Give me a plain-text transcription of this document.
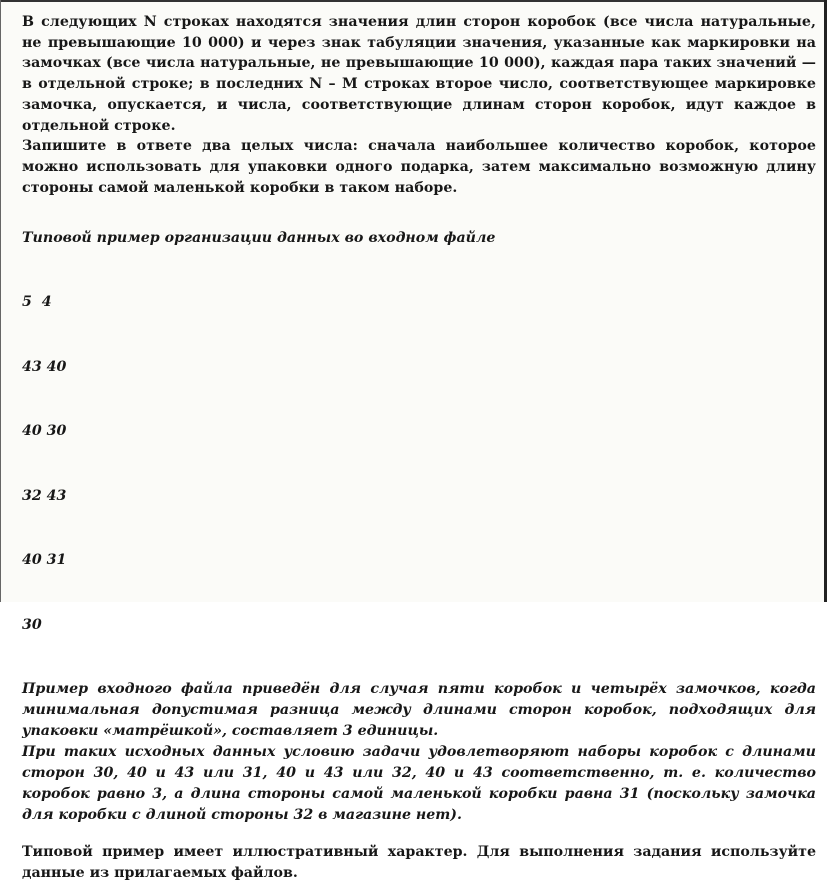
В следующих N строках находятся значения длин сторон коробок (все числа натуральные, не превышающие 10 000) и через знак табуляции значения, указанные как маркировки на замочках (все числа натуральные, не превышающие 10 000), каждая пара таких значений — в отдельной строке; в последних N – M строках второе число, соответствующее маркировке замочка, опускается, и числа, соответствующие длинам сторон коробок, идут каждое в отдельной строке.

Запишите в ответе два целых числа: сначала наибольшее количество коробок, которое можно использовать для упаковки одного подарка, затем максимально возможную длину стороны самой маленькой коробки в таком наборе.

Типовой пример организации данных во входном файле

5  4

43 40

40 30

32 43

40 31

30

Пример входного файла приведён для случая пяти коробок и четырёх замочков, когда минимальная допустимая разница между длинами сторон коробок, подходящих для упаковки «матрёшкой», составляет 3 единицы.

При таких исходных данных условию задачи удовлетворяют наборы коробок с длинами сторон 30, 40 и 43 или 31, 40 и 43 или 32, 40 и 43 соответственно, т. е. количество коробок равно 3, а длина стороны самой маленькой коробки равна 31 (поскольку замочка для коробки с длиной стороны 32 в магазине нет).

Типовой пример имеет иллюстративный характер. Для выполнения задания используйте данные из прилагаемых файлов.
